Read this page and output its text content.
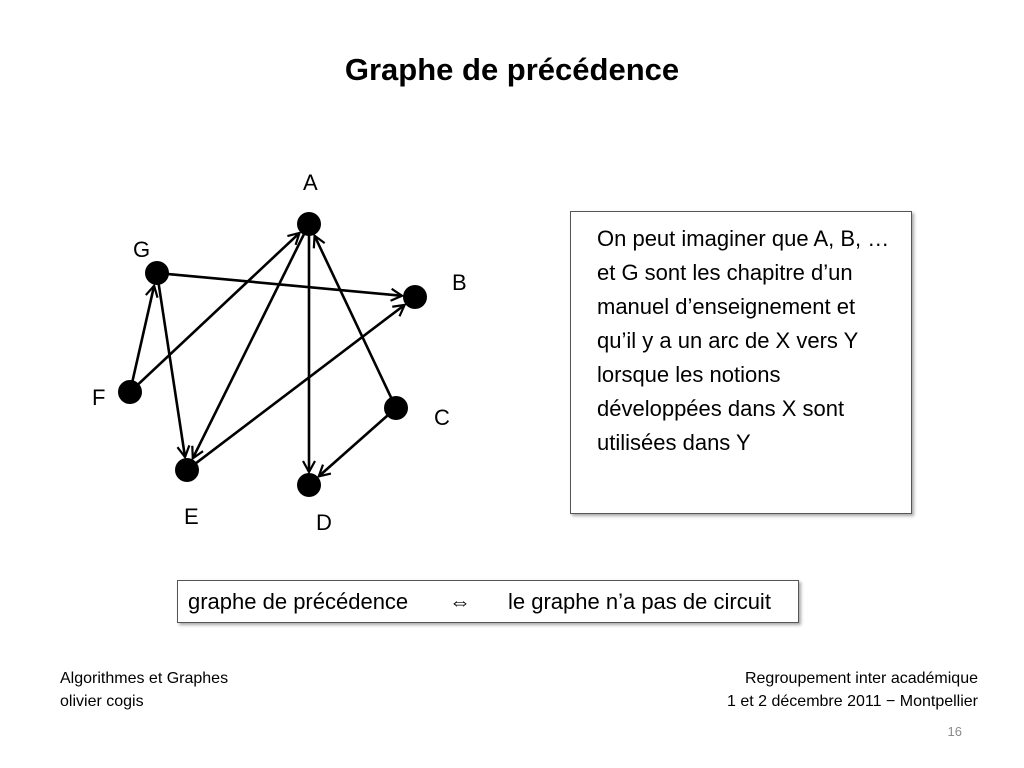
Graphe de précédence
A
B
C
D
E
F
G	On peut imaginer que A, B, … et G sont les chapitre d’un manuel d’enseignement et qu’il y a un arc de X vers Y lorsque les notions développées dans X sont utilisées dans Y
graphe de précédence ⇔ le graphe n’a pas de circuit
Algorithmes et Graphes
olivier cogis
Regroupement inter académique
1 et 2 décembre 2011 − Montpellier
16
